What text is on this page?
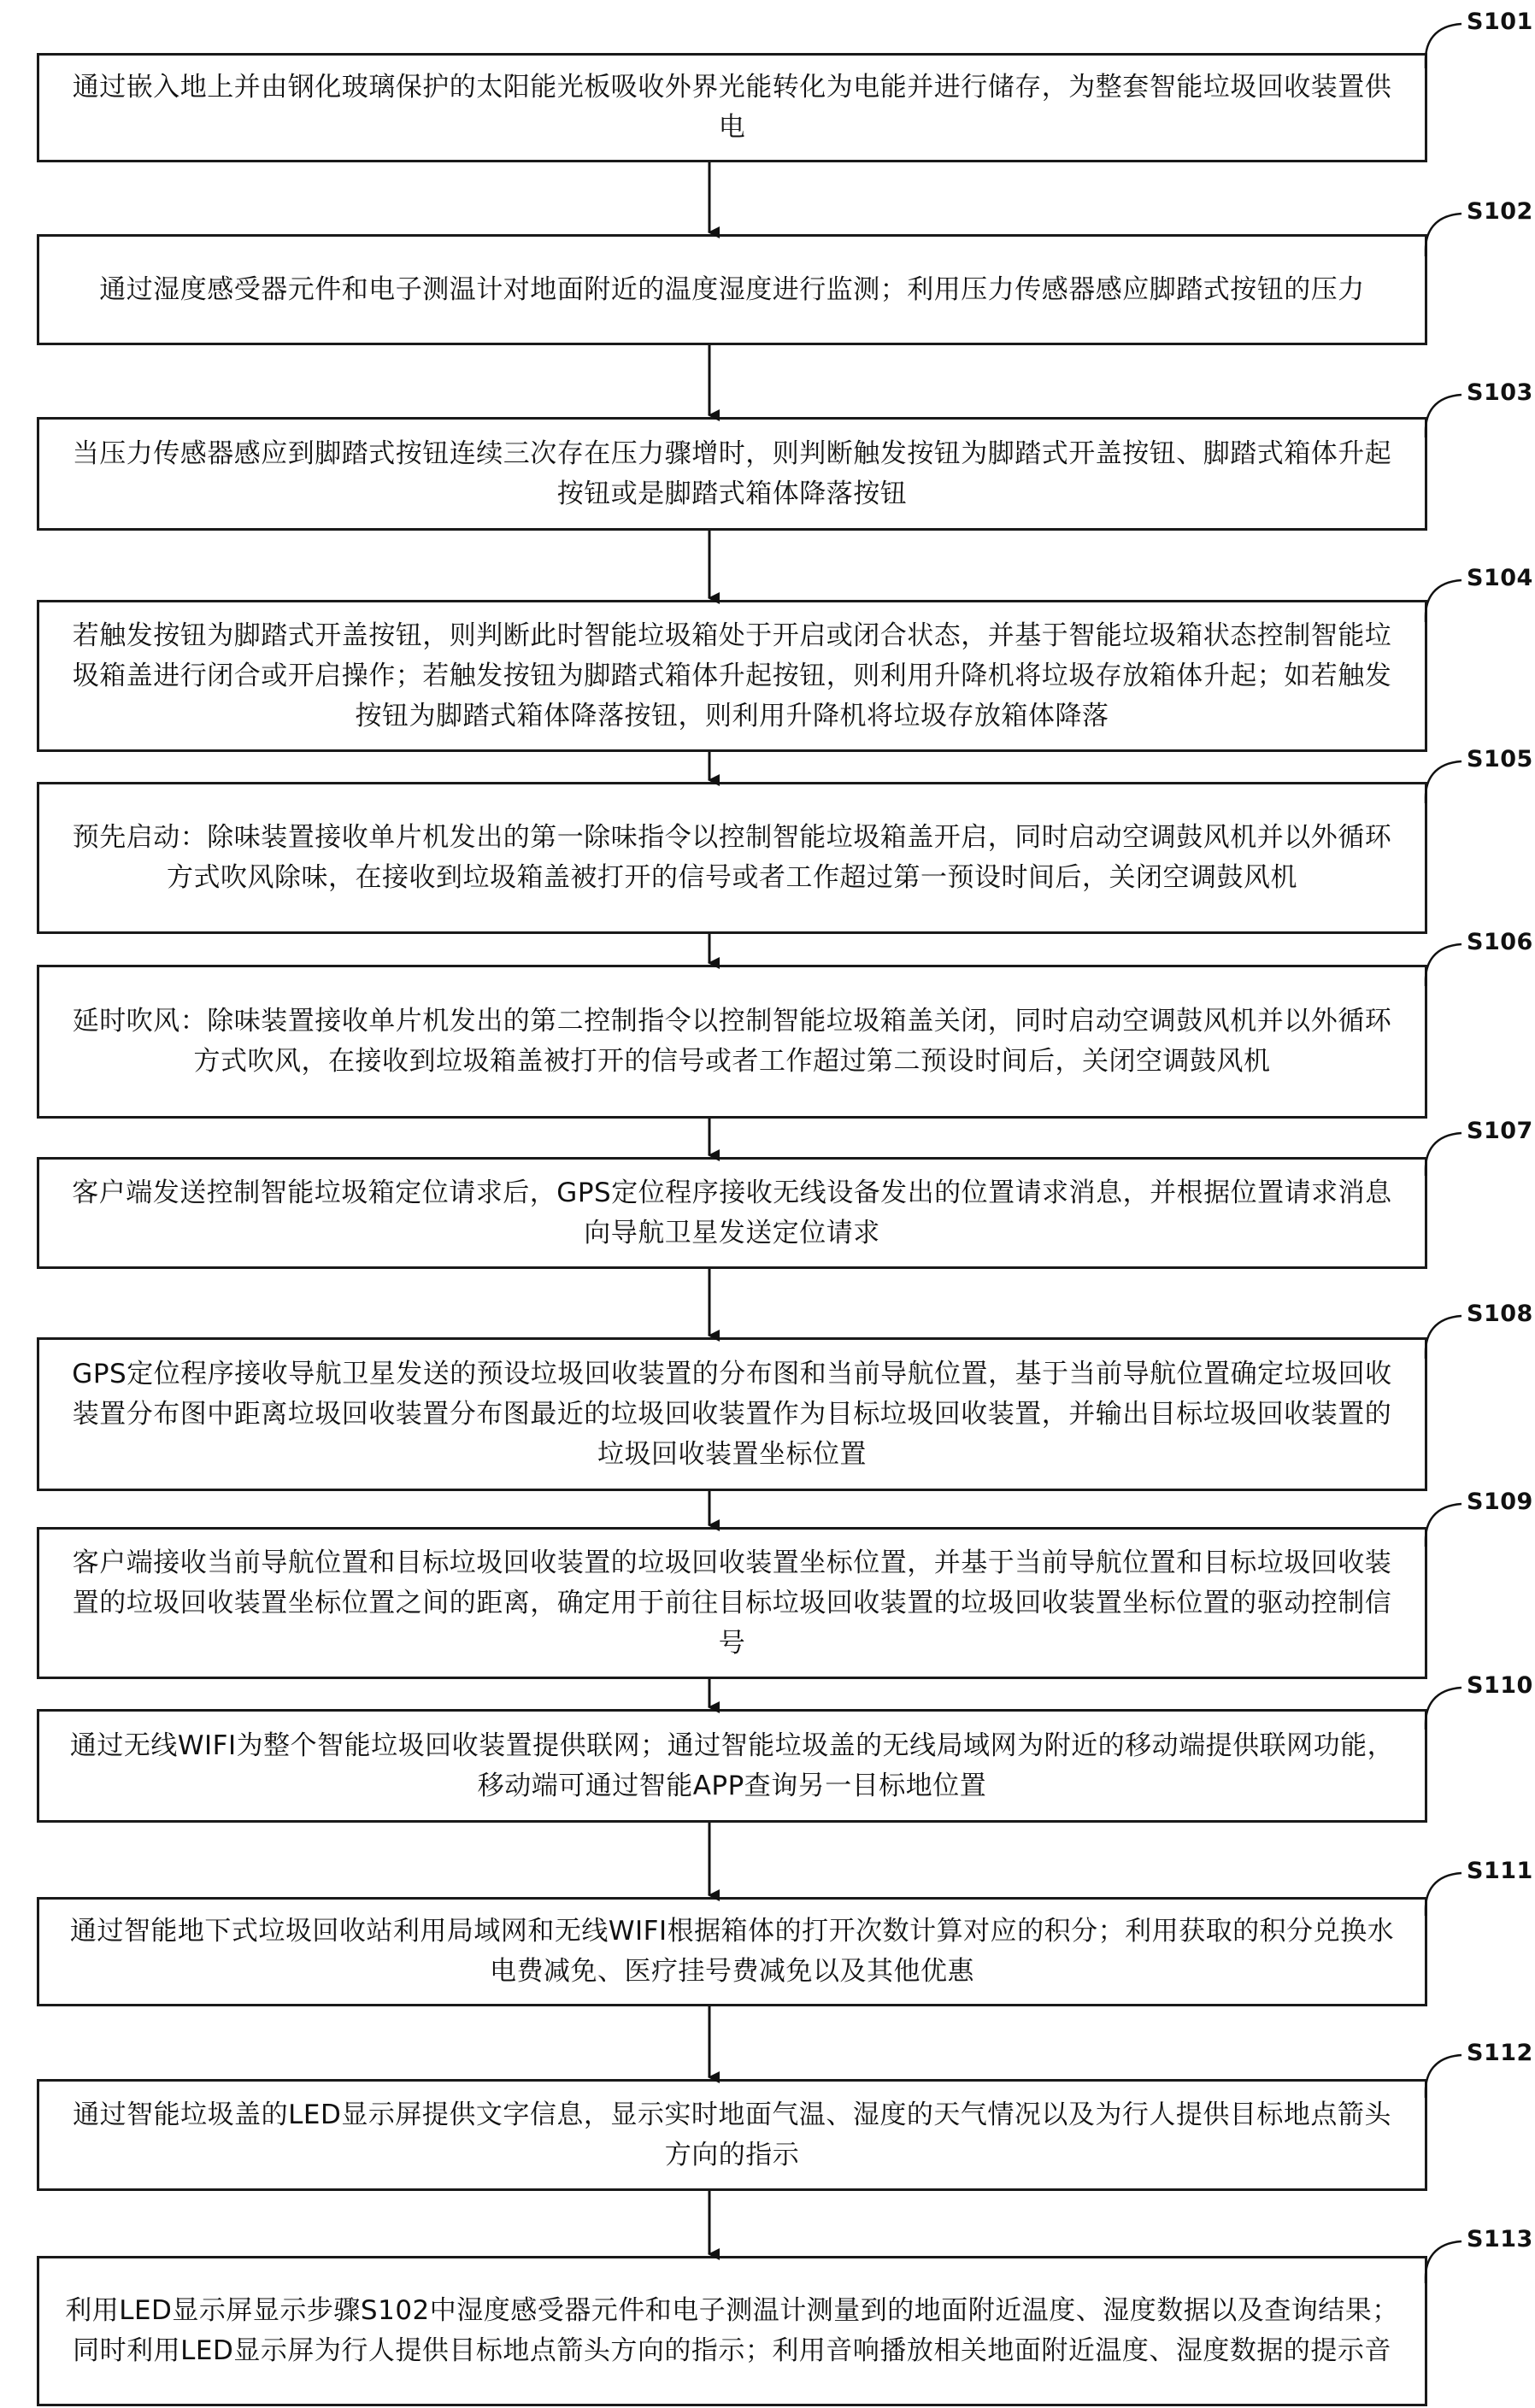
S101
通过嵌入地上并由钢化玻璃保护的太阳能光板吸收外界光能转化为电能并进行储存，为整套智能垃圾回收装置供电
S102
通过湿度感受器元件和电子测温计对地面附近的温度湿度进行监测；利用压力传感器感应脚踏式按钮的压力
S103
当压力传感器感应到脚踏式按钮连续三次存在压力骤增时，则判断触发按钮为脚踏式开盖按钮、脚踏式箱体升起按钮或是脚踏式箱体降落按钮
S104
若触发按钮为脚踏式开盖按钮，则判断此时智能垃圾箱处于开启或闭合状态，并基于智能垃圾箱状态控制智能垃圾箱盖进行闭合或开启操作；若触发按钮为脚踏式箱体升起按钮，则利用升降机将垃圾存放箱体升起；如若触发按钮为脚踏式箱体降落按钮，则利用升降机将垃圾存放箱体降落
S105
预先启动：除味装置接收单片机发出的第一除味指令以控制智能垃圾箱盖开启，同时启动空调鼓风机并以外循环方式吹风除味，在接收到垃圾箱盖被打开的信号或者工作超过第一预设时间后，关闭空调鼓风机
S106
延时吹风：除味装置接收单片机发出的第二控制指令以控制智能垃圾箱盖关闭，同时启动空调鼓风机并以外循环方式吹风，在接收到垃圾箱盖被打开的信号或者工作超过第二预设时间后，关闭空调鼓风机
S107
客户端发送控制智能垃圾箱定位请求后，GPS定位程序接收无线设备发出的位置请求消息，并根据位置请求消息向导航卫星发送定位请求
S108
GPS定位程序接收导航卫星发送的预设垃圾回收装置的分布图和当前导航位置，基于当前导航位置确定垃圾回收装置分布图中距离垃圾回收装置分布图最近的垃圾回收装置作为目标垃圾回收装置，并输出目标垃圾回收装置的垃圾回收装置坐标位置
S109
客户端接收当前导航位置和目标垃圾回收装置的垃圾回收装置坐标位置，并基于当前导航位置和目标垃圾回收装置的垃圾回收装置坐标位置之间的距离，确定用于前往目标垃圾回收装置的垃圾回收装置坐标位置的驱动控制信号
S110
通过无线WIFI为整个智能垃圾回收装置提供联网；通过智能垃圾盖的无线局域网为附近的移动端提供联网功能，移动端可通过智能APP查询另一目标地位置
S111
通过智能地下式垃圾回收站利用局域网和无线WIFI根据箱体的打开次数计算对应的积分；利用获取的积分兑换水电费减免、医疗挂号费减免以及其他优惠
S112
通过智能垃圾盖的LED显示屏提供文字信息，显示实时地面气温、湿度的天气情况以及为行人提供目标地点箭头方向的指示
S113
利用LED显示屏显示步骤S102中湿度感受器元件和电子测温计测量到的地面附近温度、湿度数据以及查询结果；同时利用LED显示屏为行人提供目标地点箭头方向的指示；利用音响播放相关地面附近温度、湿度数据的提示音
